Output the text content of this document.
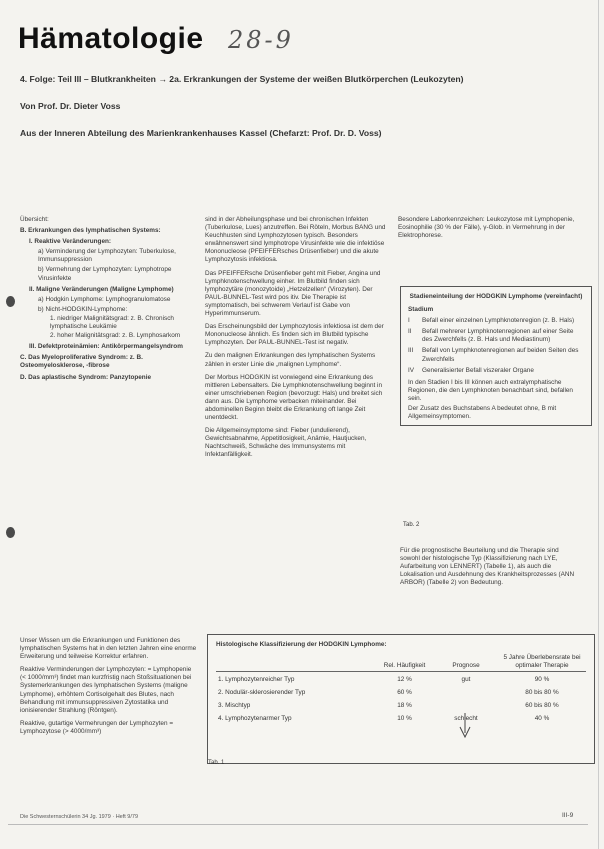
Hämatologie 28-9
4. Folge: Teil III – Blutkrankheiten → 2a. Erkrankungen der Systeme der weißen Blutkörperchen (Leukozyten)
Von Prof. Dr. Dieter Voss
Aus der Inneren Abteilung des Marienkrankenhauses Kassel (Chefarzt: Prof. Dr. D. Voss)
Übersicht:
B. Erkrankungen des lymphatischen Systems:
I. Reaktive Veränderungen:
a) Verminderung der Lymphozyten: Tuberkulose, Immunsuppression
b) Vermehrung der Lymphozyten: Lymphotrope Virusinfekte
II. Maligne Veränderungen (Maligne Lymphome)
a) Hodgkin Lymphome: Lymphogranulomatose
b) Nicht-HODGKIN-Lymphome:
1. niedriger Malignitätsgrad: z. B. Chronisch lymphatische Leukämie
2. hoher Malignitätsgrad: z. B. Lymphosarkom
III. Defektproteinämien: Antikörpermangelsyndrom
C. Das Myeloproliferative Syndrom: z. B. Osteomyelosklerose, -fibrose
D. Das aplastische Syndrom: Panzytopenie

Unser Wissen um die Erkrankungen und Funktionen des lymphatischen Systems hat in den letzten Jahren eine enorme Erweiterung und teilweise Korrektur erfahren.

Reaktive Verminderungen der Lymphozyten: = Lymphopenie (< 1000/mm³) findet man kurzfristig nach Stoßsituationen bei Systemerkrankungen des lymphatischen Systems (maligne Lymphome), erhöhtem Cortisolgehalt des Blutes, nach Behandlung mit immunsuppressiven Zytostatika und ionisierender Strahlung (Röntgen).

Reaktive, gutartige Vermehrungen der Lymphozyten = Lymphozytose (> 4000/mm³)

sind in der Abheilungsphase und bei chronischen Infekten (Tuberkulose, Lues) anzutreffen. Bei Röteln, Morbus BANG und Keuchhusten sind Lymphozytosen typisch. Besonders erwähnenswert sind lymphotrope Virusinfekte wie die infektiöse Mononucleose (PFEIFFERsches Drüsenfieber) und die akute Lymphozytosis infektiosa.

Das PFEIFFERsche Drüsenfieber geht mit Fieber, Angina und Lymphknotenschwellung einher. Im Blutbild finden sich lymphozytäre (monozytoide) „Hetzelzellen“ (Virozyten). Der PAUL-BUNNEL-Test wird pos itiv. Die Therapie ist symptomatisch, bei schwerem Verlauf ist Gabe von Hyperimmunserum.

Das Erscheinungsbild der Lymphozytosis infektiosa ist dem der Mononucleose ähnlich. Es finden sich im Blutbild typische Lymphozyten. Der PAUL-BUNNEL-Test ist negativ.

Zu den malignen Erkrankungen des lymphatischen Systems zählen in erster Linie die „malignen Lymphome“.

Der Morbus HODGKIN ist vorwiegend eine Erkrankung des mittleren Lebensalters. Die Lymphknotenschwellung beginnt in einer umschriebenen Region (bevorzugt: Hals) und breitet sich dann aus. Die Lymphome verbacken miteinander. Bei abdominellen Beginn bleibt die Erkrankung oft lange Zeit unentdeckt.

Die Allgemeinsymptome sind: Fieber (undulierend), Gewichtsabnahme, Appetitlosigkeit, Anämie, Hautjucken, Nachtschweiß, Schwäche des Immunsystems mit Infektanfälligkeit.

Besondere Laborkennzeichen: Leukozytose mit Lymphopenie, Eosinophilie (30 % der Fälle), γ-Glob. in Vermehrung in der Elektrophorese.

Stadieneinteilung der HODGKIN Lymphome (vereinfacht)
Stadium
I	Befall einer einzelnen Lymphknotenregion (z. B. Hals)
II	Befall mehrerer Lymphknotenregionen auf einer Seite des Zwerchfells (z. B. Hals und Mediastinum)
III	Befall von Lymphknotenregionen auf beiden Seiten des Zwerchfells
IV	Generalisierter Befall viszeraler Organe

In den Stadien I bis III können auch extralymphatische Regionen, die den Lymphknoten benachbart sind, befallen sein.

Der Zusatz des Buchstabens A bedeutet ohne, B mit Allgemeinsymptomen.

Tab. 2

Für die prognostische Beurteilung und die Therapie sind sowohl der histologische Typ (Klassifizierung nach LYE, Aufarbeitung von LENNERT) (Tabelle 1), als auch die Lokalisation und Ausdehnung des Krankheitsprozesses (ANN ARBOR) (Tabelle 2) von Bedeutung.

Histologische Klassifizierung der HODGKIN Lymphome:
	Rel. Häufigkeit	Prognose	5 Jahre Überlebensrate bei optimaler Therapie

1. Lymphozytenreicher Typ	12 %	gut	90 %
2. Nodulär-sklerosierender Typ	60 %		80 bis 80 %
3. Mischtyp	18 %		60 bis 80 %
4. Lymphozytenarmer Typ	10 %	schlecht	40 %
Tab. 1
Die Schwesternschülerin 34 Jg. 1979 · Heft 9/79	III-9
